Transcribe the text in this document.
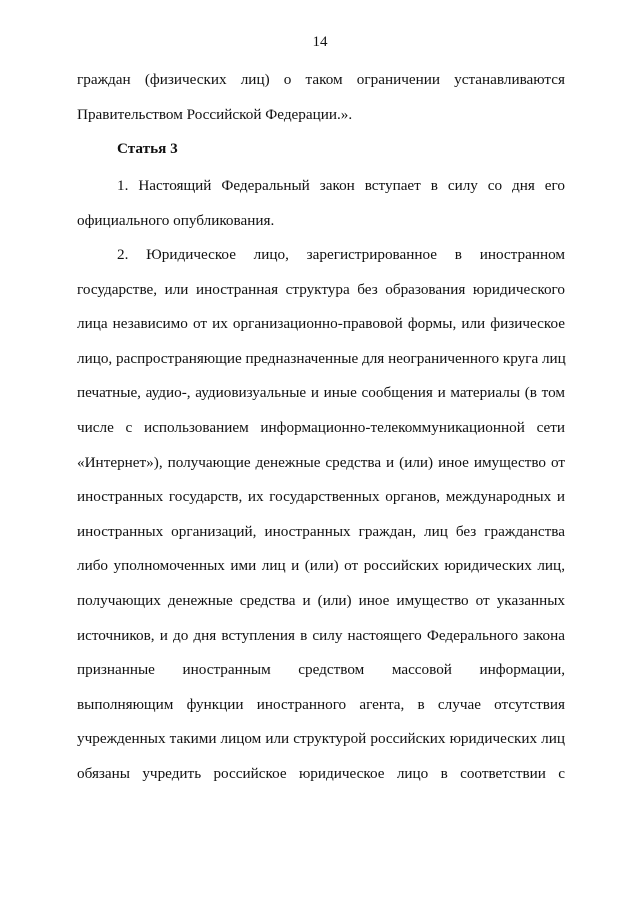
14
граждан (физических лиц) о таком ограничении устанавливаются
Правительством Российской Федерации.».
Статья 3
1. Настоящий Федеральный закон вступает в силу со дня его
официального опубликования.
2. Юридическое лицо, зарегистрированное в иностранном
государстве, или иностранная структура без образования юридического
лица независимо от их организационно-правовой формы, или физическое
лицо, распространяющие предназначенные для неограниченного круга лиц
печатные, аудио-, аудиовизуальные и иные сообщения и материалы (в том
числе с использованием информационно-телекоммуникационной сети
«Интернет»), получающие денежные средства и (или) иное имущество от
иностранных государств, их государственных органов, международных и
иностранных организаций, иностранных граждан, лиц без гражданства
либо уполномоченных ими лиц и (или) от российских юридических лиц,
получающих денежные средства и (или) иное имущество от указанных
источников, и до дня вступления в силу настоящего Федерального закона
признанные иностранным средством массовой информации,
выполняющим функции иностранного агента, в случае отсутствия
учрежденных такими лицом или структурой российских юридических лиц
обязаны учредить российское юридическое лицо в соответствии с
